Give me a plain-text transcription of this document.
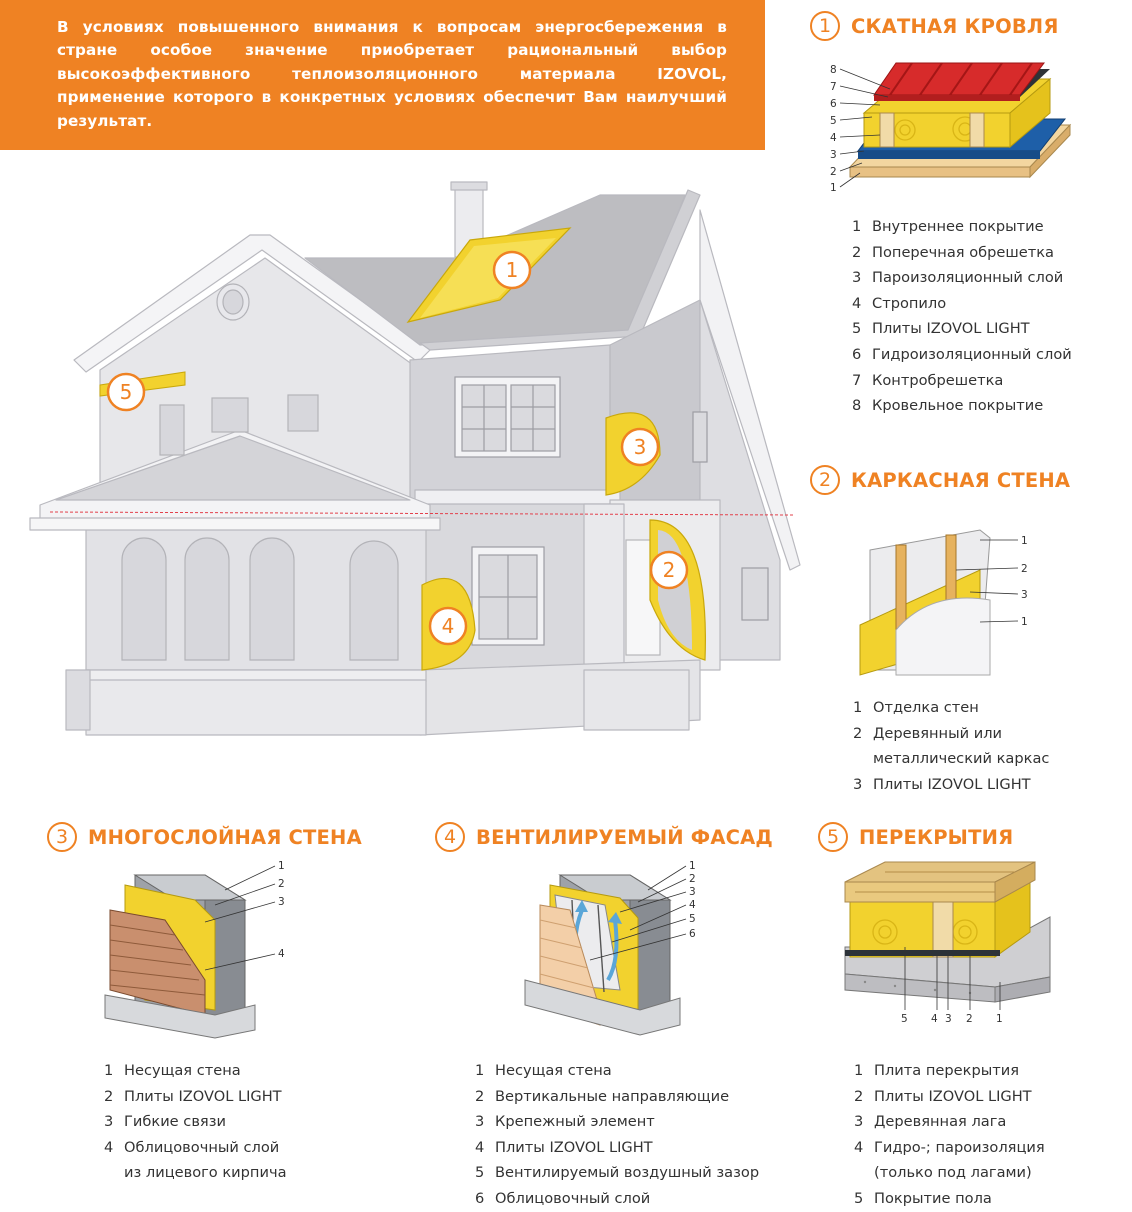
В условиях повышенного внимания к вопросам энергосбережения в стране особое значение приобретает рациональный выбор высокоэффективного теплоизоляционного материала IZOVOL, применение которого в конкретных условиях обеспечит Вам наилучший результат.

1
2
3
4
5
1	СКАТНАЯ КРОВЛЯ
8
7
6
5
4
3
2
1
1 Внутреннее покрытие
2 Поперечная обрешетка
3 Пароизоляционный слой
4 Стропило
5 Плиты IZOVOL LIGHT
6 Гидроизоляционный слой
7 Контробрешетка
8 Кровельное покрытие
2	КАРКАСНАЯ СТЕНА
1
2
3
1
1 Отделка стен
2 Деревянный или
металлический каркас
3 Плиты IZOVOL LIGHT
3	МНОГОСЛОЙНАЯ СТЕНА
1
2
3
4
1 Несущая стена
2 Плиты IZOVOL LIGHT
3 Гибкие связи
4 Облицовочный слой
из лицевого кирпича
4	ВЕНТИЛИРУЕМЫЙ ФАСАД
1
2
3
4
5
6
1 Несущая стена
2 Вертикальные направляющие
3 Крепежный элемент
4 Плиты IZOVOL LIGHT
5 Вентилируемый воздушный зазор
6 Облицовочный слой
5	ПЕРЕКРЫТИЯ
5 4 3 2 1
1 Плита перекрытия
2 Плиты IZOVOL LIGHT
3 Деревянная лага
4 Гидро-; пароизоляция
(только под лагами)
5 Покрытие пола
